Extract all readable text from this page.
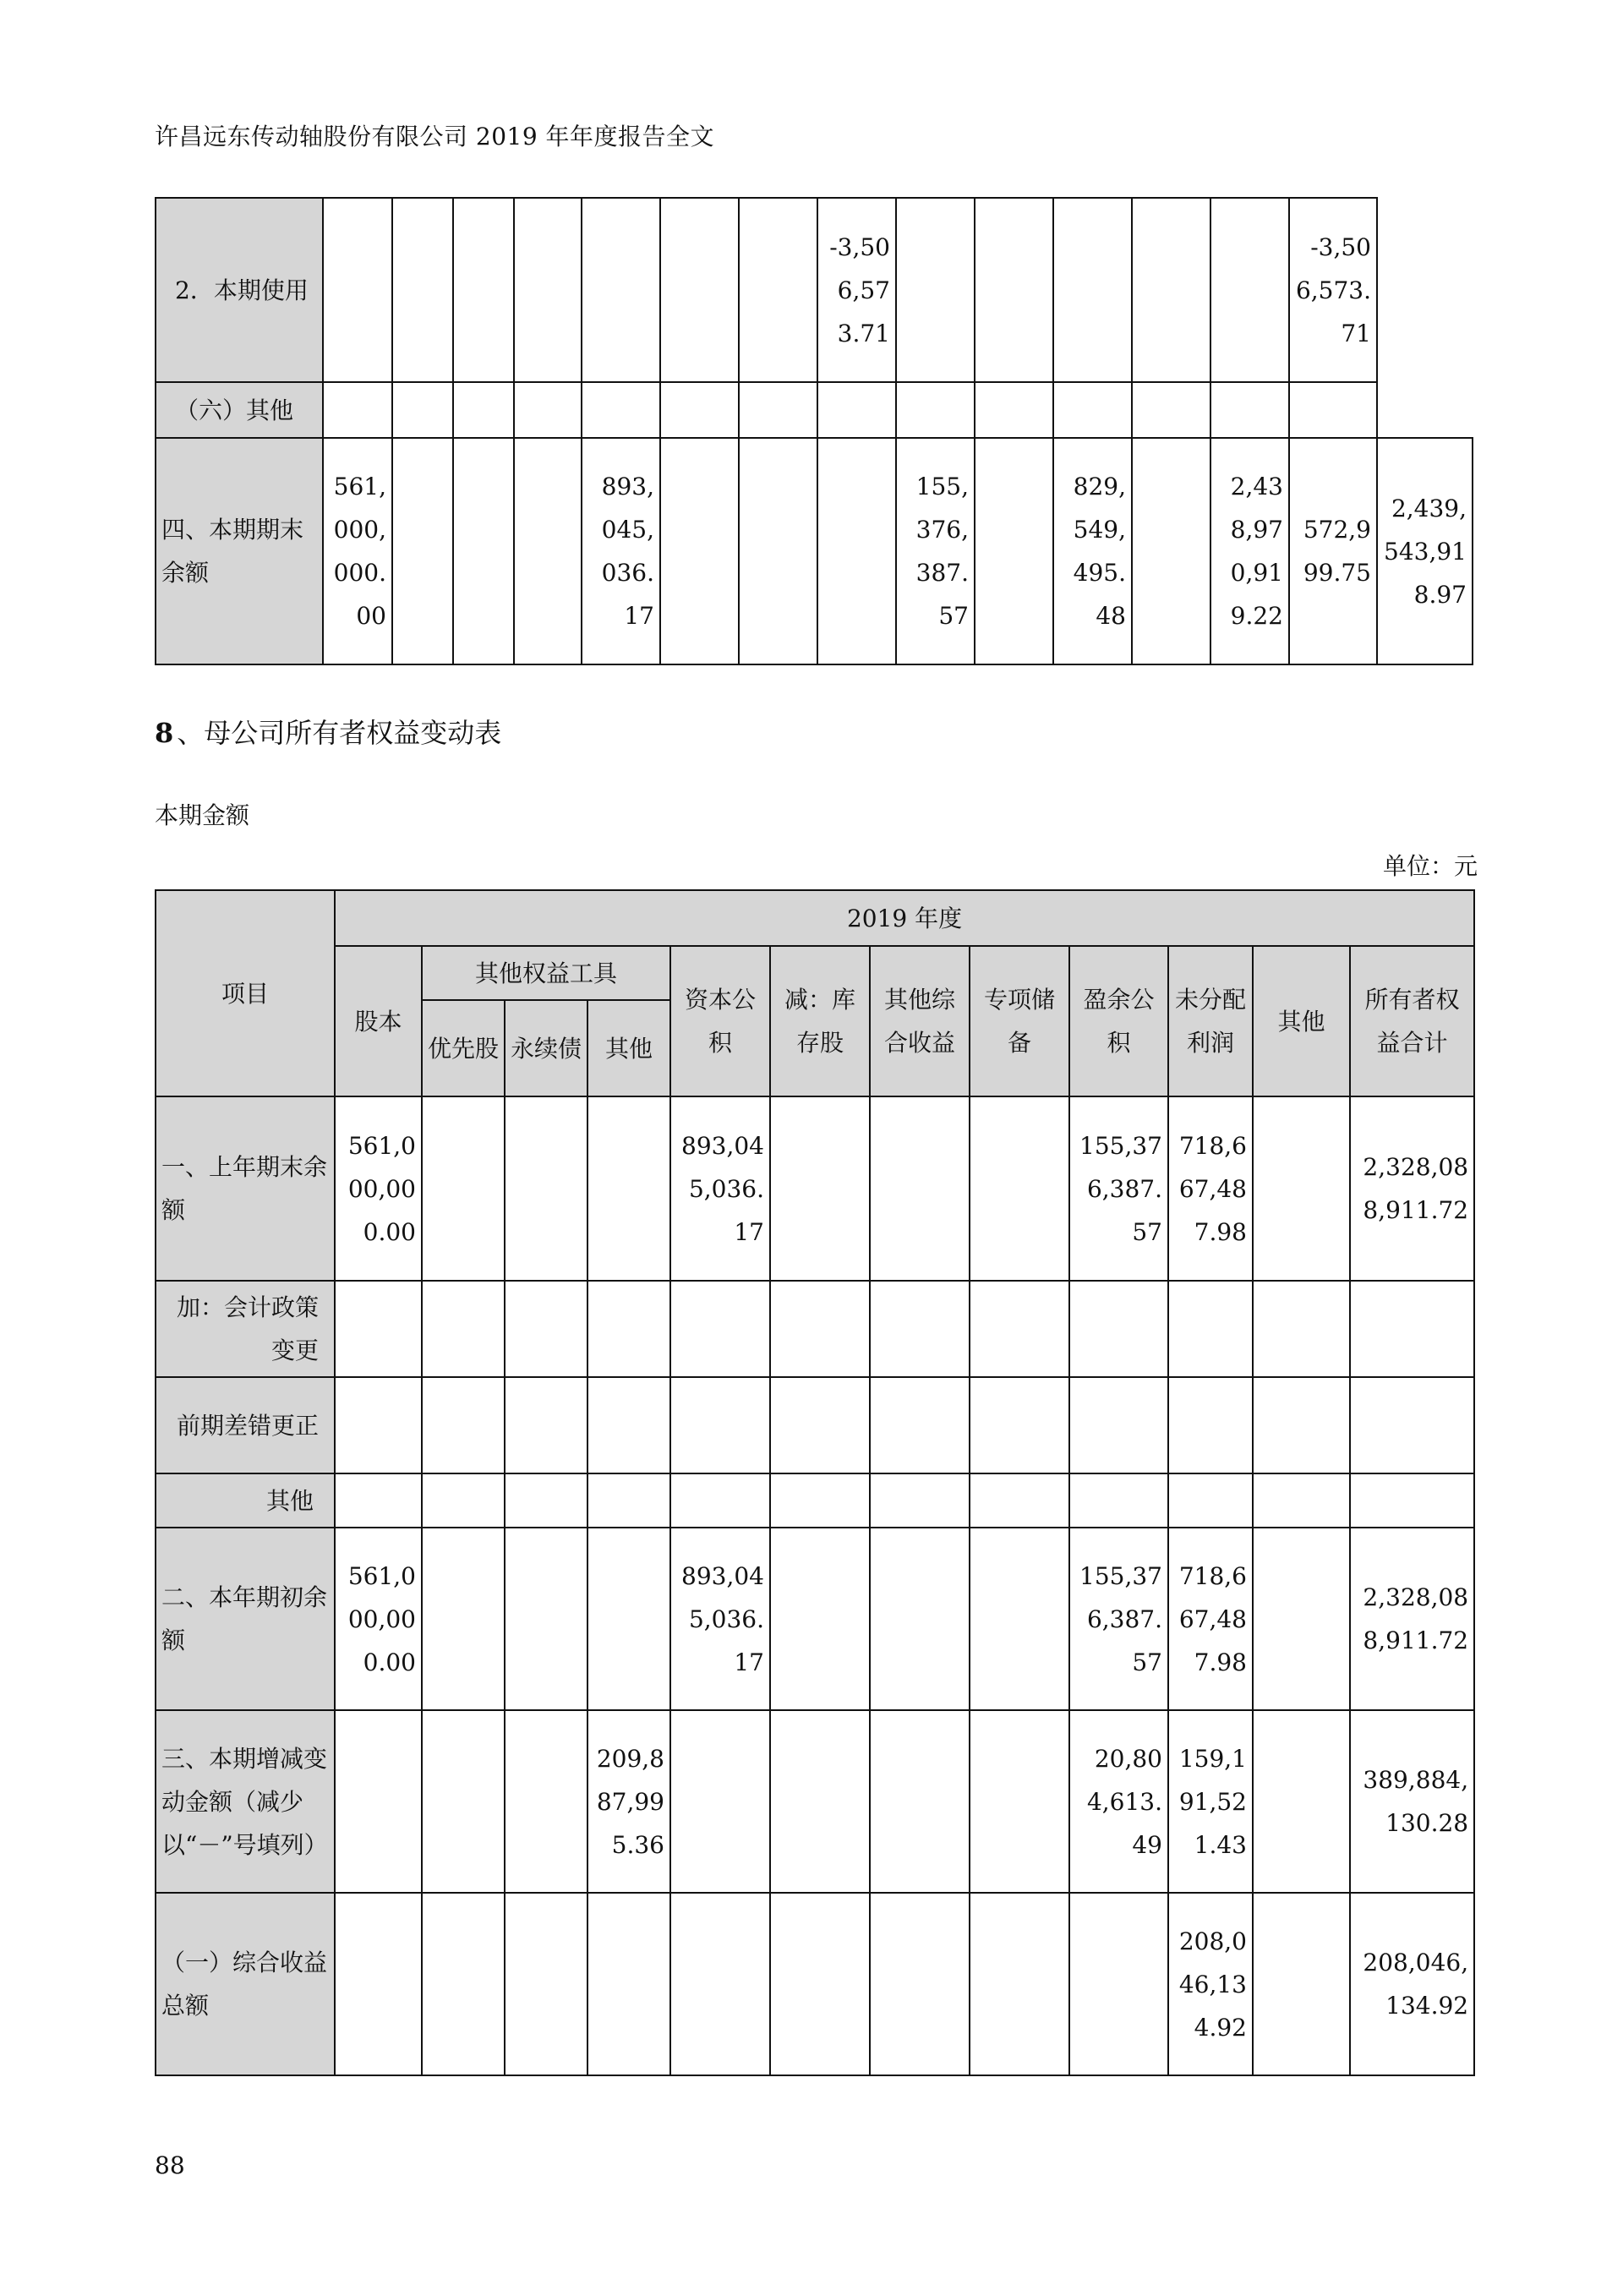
许昌远东传动轴股份有限公司 2019 年年度报告全文
2．本期使用								-3,506,573.71						-3,506,573.71	
（六）其他															
四、本期期末余额	561,000,000.00				893,045,036.17				155,376,387.57		829,549,495.48		2,438,970,919.22	572,999.75	2,439,543,918.97
8 、母公司所有者权益变动表
本期金额
单位：元
项目	2019 年度											
	股本	其他权益工具			资本公积	减：库存股	其他综合收益	专项储备	盈余公积	未分配利润	其他	所有者权益合计
		优先股	永续债	其他								
一、上年期末余额	561,000,000.00				893,045,036.17				155,376,387.57	718,667,487.98		2,328,088,911.72
加：会计政策变更												
前期差错更正												
其他												
二、本年期初余额	561,000,000.00				893,045,036.17				155,376,387.57	718,667,487.98		2,328,088,911.72
三、本期增减变动金额（减少以“－”号填列）				209,887,995.36					20,804,613.49	159,191,521.43		389,884,130.28
（一）综合收益总额										208,046,134.92		208,046,134.92
88
